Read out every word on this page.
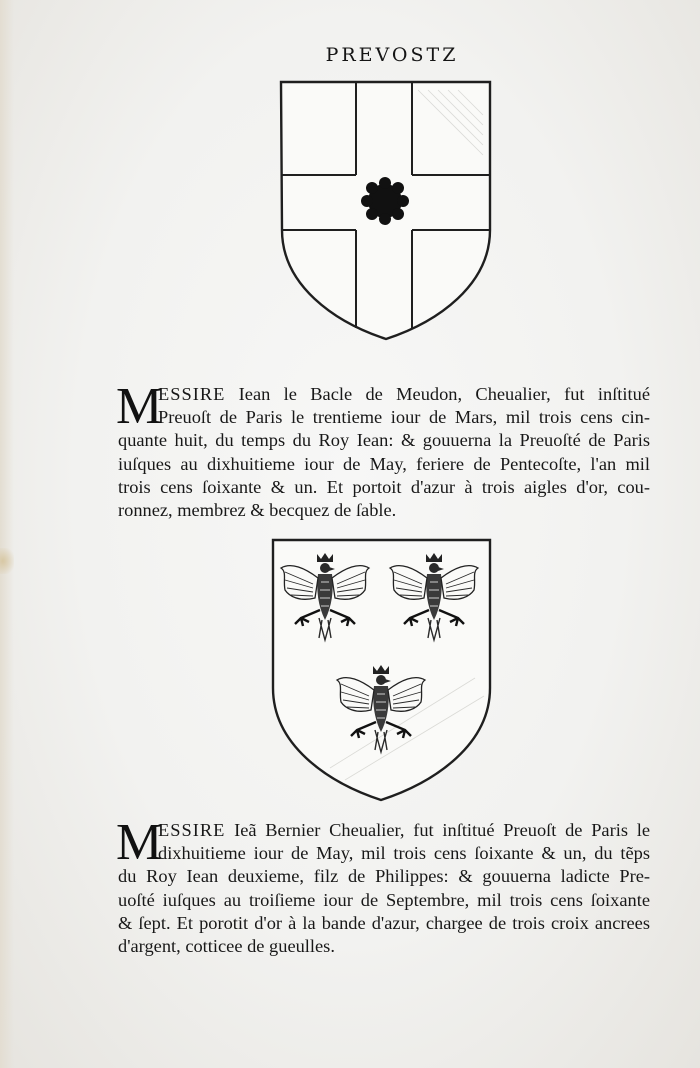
PREVOSTZ
M
ESSIRE Iean le Bacle de Meudon, Cheualier, fut inſtitué
Preuoſt de Paris le trentieme iour de Mars, mil trois cens cin-
quante huit, du temps du Roy Iean: & gouuerna la Preuoſté de Paris
iuſques au dixhuitieme iour de May, feriere de Pentecoſte, l'an mil
trois cens ſoixante & un. Et portoit d'azur à trois aigles d'or, cou-
ronnez, membrez & becquez de ſable.
M
ESSIRE Ieã Bernier Cheualier, fut inſtitué Preuoſt de Paris le
dixhuitieme iour de May, mil trois cens ſoixante & un, du tẽps
du Roy Iean deuxieme, filz de Philippes: & gouuerna ladicte Pre-
uoſté iuſques au troiſieme iour de Septembre, mil trois cens ſoixante
& ſept. Et porotit d'or à la bande d'azur, chargee de trois croix ancrees
d'argent, cotticee de gueulles.
